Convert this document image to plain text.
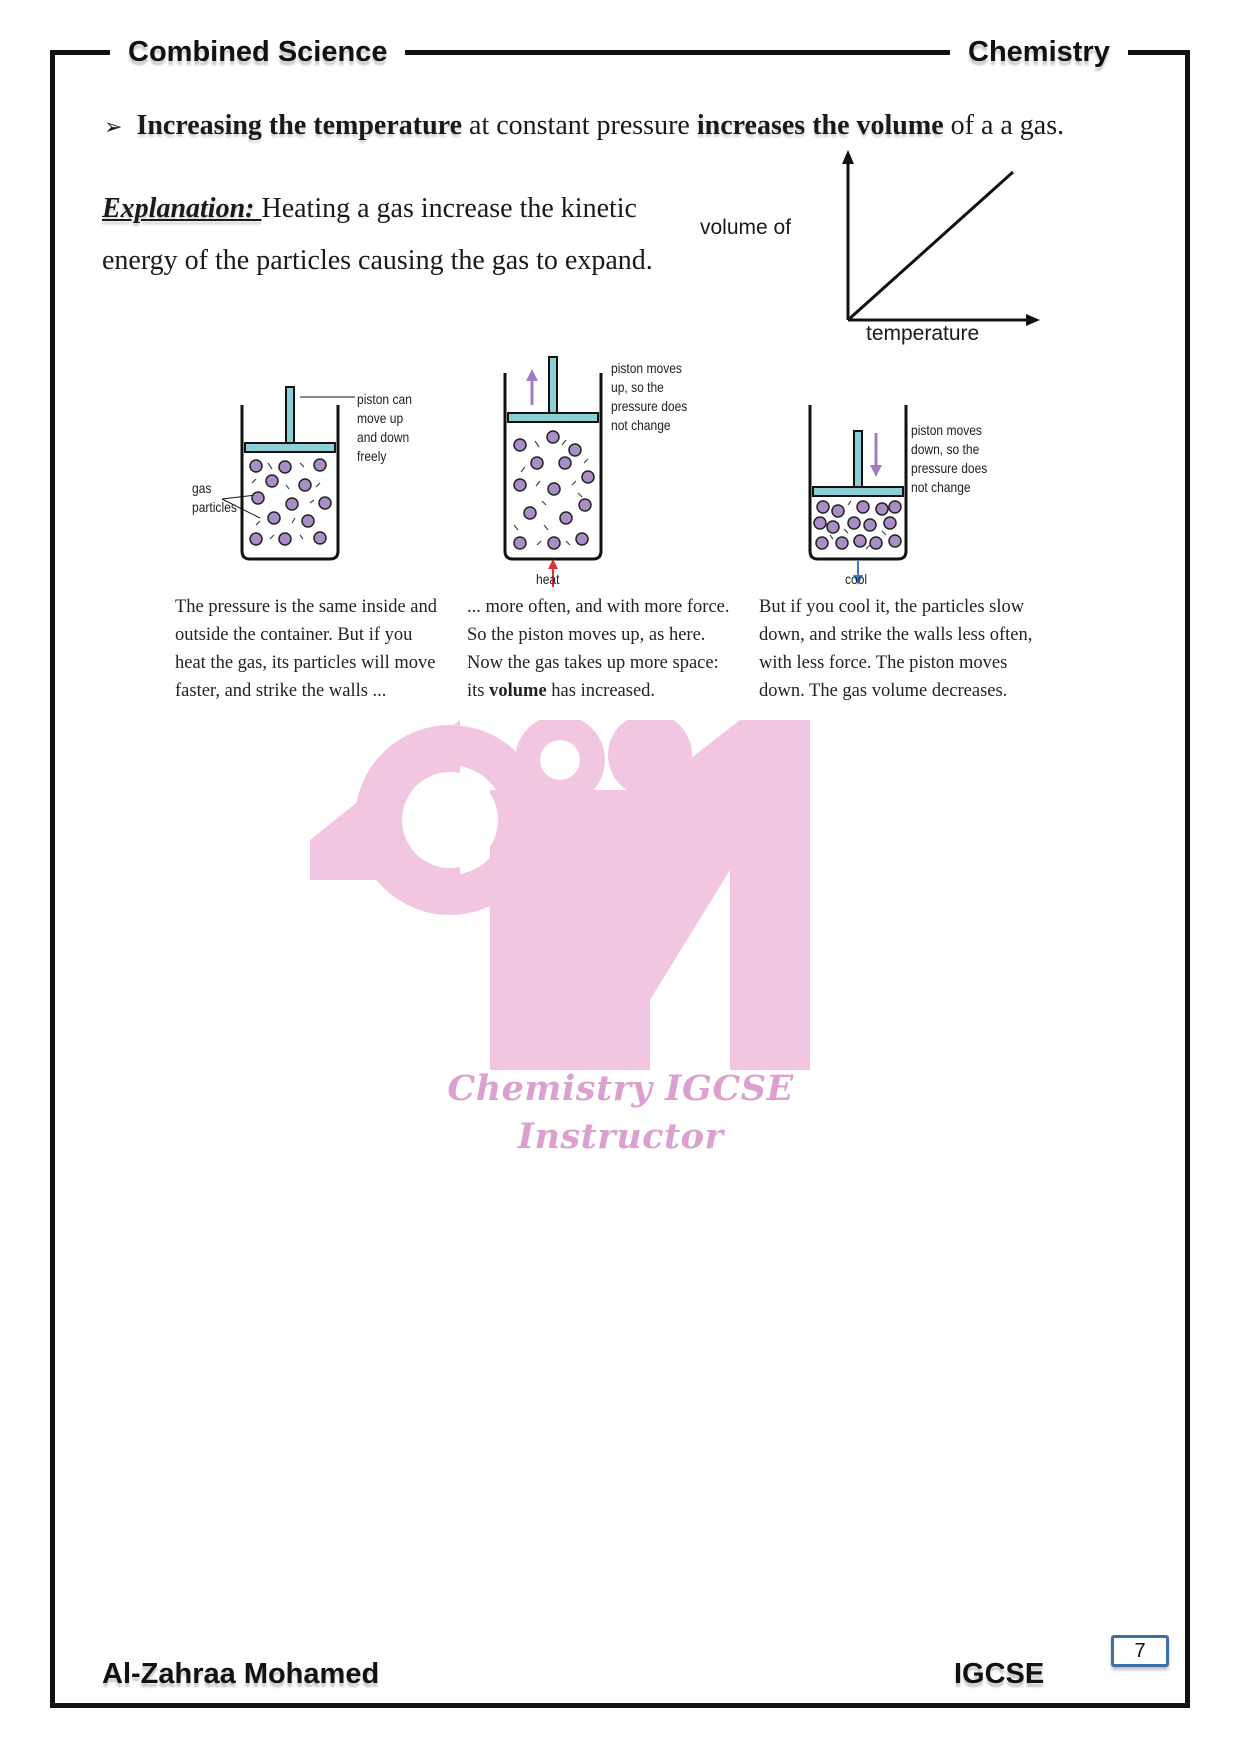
Combined Science	Chemistry
Chemistry IGCSE
Instructor
➢ Increasing the temperature at constant pressure increases the volume of a a gas.
Explanation: Heating a gas increase the kinetic energy of the particles causing the gas to expand.
volume of
temperature
piston can move up and down freely
gas particles
piston moves up, so the pressure does not change
heat
piston moves down, so the pressure does not change
cool
The pressure is the same inside and outside the container. But if you heat the gas, its particles will move faster, and strike the walls ...
... more often, and with more force. So the piston moves up, as here. Now the gas takes up more space: its volume has increased.
But if you cool it, the particles slow down, and strike the walls less often, with less force. The piston moves down. The gas volume decreases.
7
Al-Zahraa Mohamed	IGCSE
